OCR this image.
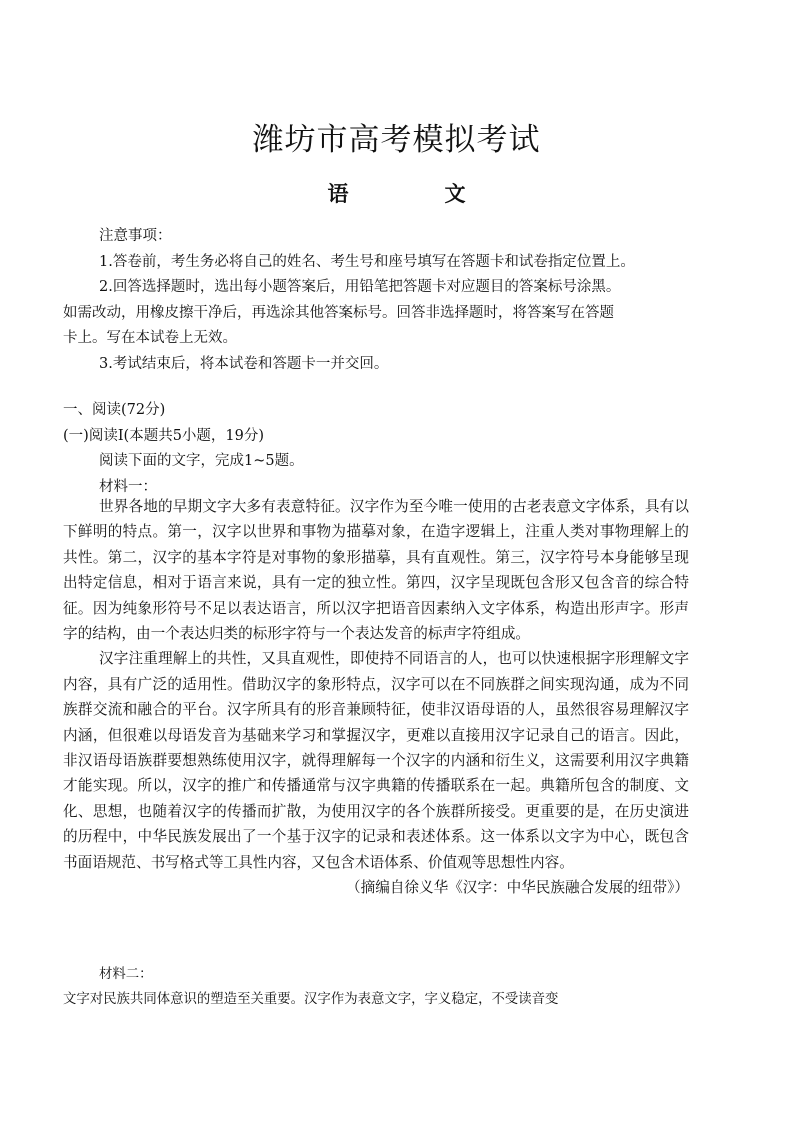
潍坊市高考模拟考试
语	文
注意事项：
1.答卷前，考生务必将自己的姓名、考生号和座号填写在答题卡和试卷指定位置上。
2.回答选择题时，选出每小题答案后，用铅笔把答题卡对应题目的答案标号涂黑。
如需改动，用橡皮擦干净后，再选涂其他答案标号。回答非选择题时，将答案写在答题
卡上。写在本试卷上无效。
3.考试结束后，将本试卷和答题卡一并交回。
一、阅读(72分)
(一)阅读Ⅰ(本题共5小题，19分)
阅读下面的文字，完成1~5题。
材料一：
世界各地的早期文字大多有表意特征。汉字作为至今唯一使用的古老表意文字体系，具有以下鲜明的特点。第一，汉字以世界和事物为描摹对象，在造字逻辑上，注重人类对事物理解上的共性。第二，汉字的基本字符是对事物的象形描摹，具有直观性。第三，汉字符号本身能够呈现出特定信息，相对于语言来说，具有一定的独立性。第四，汉字呈现既包含形又包含音的综合特征。因为纯象形符号不足以表达语言，所以汉字把语音因素纳入文字体系，构造出形声字。形声字的结构，由一个表达归类的标形字符与一个表达发音的标声字符组成。
汉字注重理解上的共性，又具直观性，即使持不同语言的人，也可以快速根据字形理解文字内容，具有广泛的适用性。借助汉字的象形特点，汉字可以在不同族群之间实现沟通，成为不同族群交流和融合的平台。汉字所具有的形音兼顾特征，使非汉语母语的人，虽然很容易理解汉字内涵，但很难以母语发音为基础来学习和掌握汉字，更难以直接用汉字记录自己的语言。因此，非汉语母语族群要想熟练使用汉字，就得理解每一个汉字的内涵和衍生义，这需要利用汉字典籍才能实现。所以，汉字的推广和传播通常与汉字典籍的传播联系在一起。典籍所包含的制度、文化、思想，也随着汉字的传播而扩散，为使用汉字的各个族群所接受。更重要的是，在历史演进的历程中，中华民族发展出了一个基于汉字的记录和表述体系。这一体系以文字为中心，既包含书面语规范、书写格式等工具性内容，又包含术语体系、价值观等思想性内容。
（摘编自徐义华《汉字：中华民族融合发展的纽带》）
材料二：
文字对民族共同体意识的塑造至关重要。汉字作为表意文字，字义稳定，不受读音变
